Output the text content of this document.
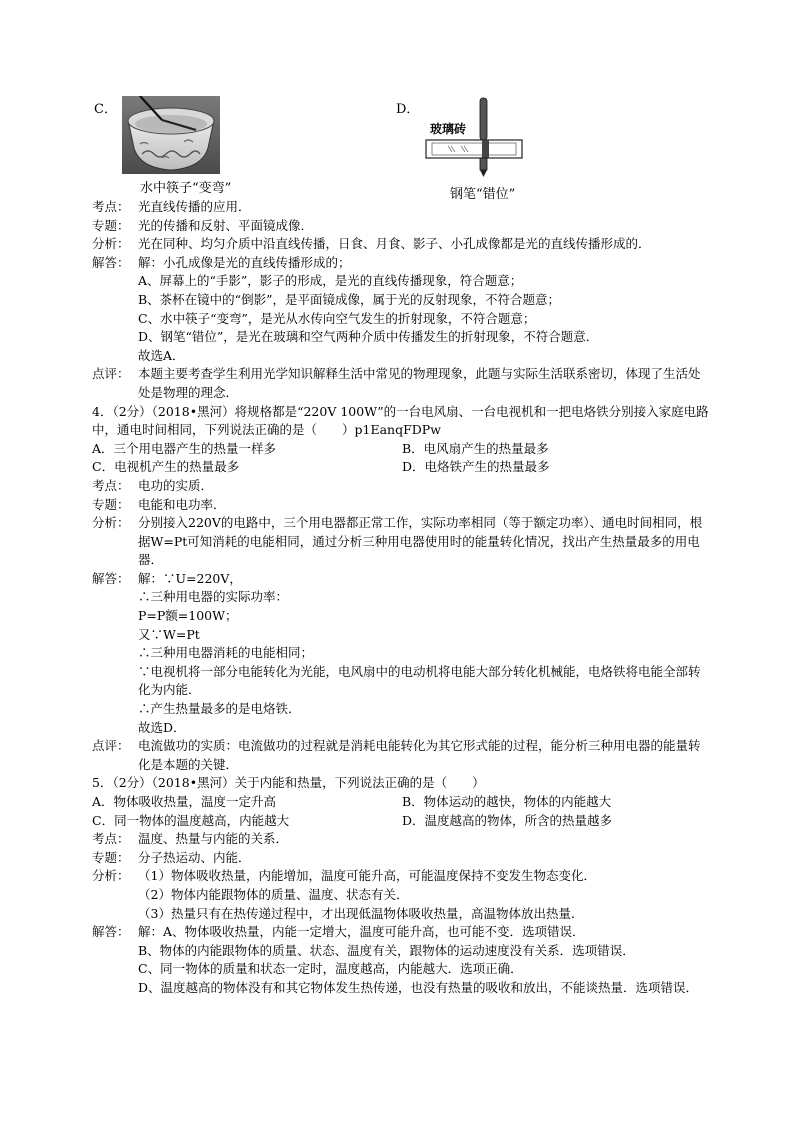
C．
水中筷子“变弯”
D．
玻璃砖
钢笔“错位”
考点： 光直线传播的应用．
专题： 光的传播和反射、平面镜成像．
分析： 光在同种、均匀介质中沿直线传播，日食、月食、影子、小孔成像都是光的直线传播形成的．
解答： 解：小孔成像是光的直线传播形成的；
A、屏幕上的“手影”，影子的形成，是光的直线传播现象，符合题意；
B、茶杯在镜中的“倒影”，是平面镜成像，属于光的反射现象，不符合题意；
C、水中筷子“变弯”，是光从水传向空气发生的折射现象，不符合题意；
D、钢笔“错位”，是光在玻璃和空气两种介质中传播发生的折射现象，不符合题意．
故选A．
点评： 本题主要考查学生利用光学知识解释生活中常见的物理现象，此题与实际生活联系密切，体现了生活处处是物理的理念．
4．（2分）（2018•黑河）将规格都是“220V 100W”的一台电风扇、一台电视机和一把电烙铁分别接入家庭电路中，通电时间相同，下列说法正确的是（　　）p1EanqFDPw
A．三个用电器产生的热量一样多	B．电风扇产生的热量最多
C．电视机产生的热量最多	D．电烙铁产生的热量最多
考点： 电功的实质．
专题： 电能和电功率．
分析： 分别接入220V的电路中，三个用电器都正常工作，实际功率相同（等于额定功率）、通电时间相同，根据W=Pt可知消耗的电能相同，通过分析三种用电器使用时的能量转化情况，找出产生热量最多的用电器．
解答： 解：∵U=220V，
∴三种用电器的实际功率：
P=P额=100W；
又∵W=Pt
∴三种用电器消耗的电能相同；
∵电视机将一部分电能转化为光能，电风扇中的电动机将电能大部分转化机械能，电烙铁将电能全部转化为内能．
∴产生热量最多的是电烙铁．
故选D．
点评： 电流做功的实质：电流做功的过程就是消耗电能转化为其它形式能的过程，能分析三种用电器的能量转化是本题的关键．
5．（2分）（2018•黑河）关于内能和热量，下列说法正确的是（　　）
A．物体吸收热量，温度一定升高	B．物体运动的越快，物体的内能越大
C．同一物体的温度越高，内能越大	D．温度越高的物体，所含的热量越多
考点： 温度、热量与内能的关系．
专题： 分子热运动、内能．
分析： （1）物体吸收热量，内能增加，温度可能升高，可能温度保持不变发生物态变化．
（2）物体内能跟物体的质量、温度、状态有关．
（3）热量只有在热传递过程中，才出现低温物体吸收热量，高温物体放出热量．
解答： 解：A、物体吸收热量，内能一定增大，温度可能升高，也可能不变．选项错误．
B、物体的内能跟物体的质量、状态、温度有关，跟物体的运动速度没有关系．选项错误．
C、同一物体的质量和状态一定时，温度越高，内能越大．选项正确．
D、温度越高的物体没有和其它物体发生热传递，也没有热量的吸收和放出，不能谈热量．选项错误．
